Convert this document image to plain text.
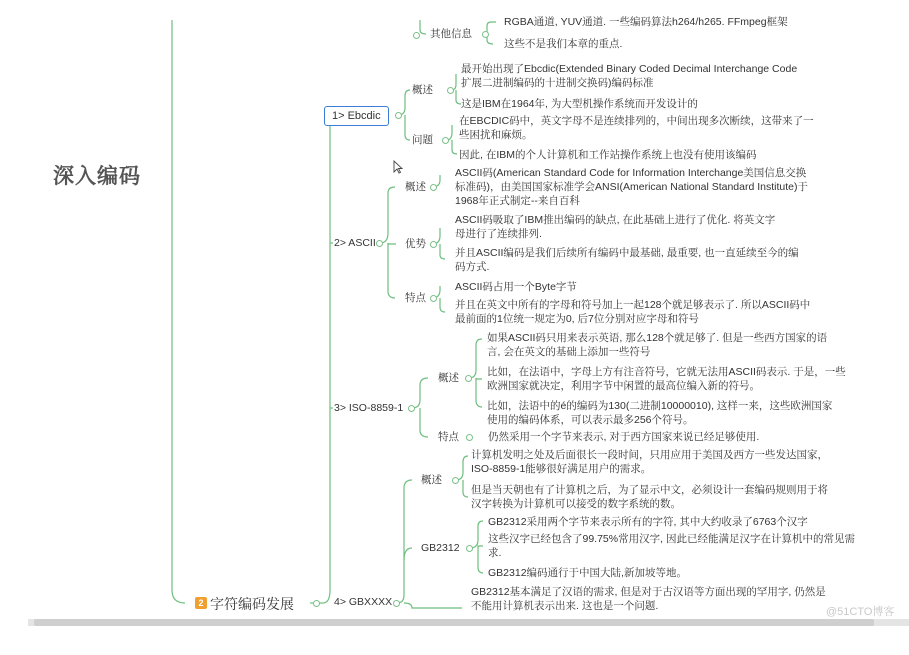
深入编码
2 字符编码发展
其他信息
RGBA通道, YUV通道. 一些编码算法h264/h265. FFmpeg框架
这些不是我们本章的重点.
1> Ebcdic
概述
最开始出现了Ebcdic(Extended Binary Coded Decimal Interchange Code扩展二进制编码的十进制交换码)编码标准
这是IBM在1964年, 为大型机操作系统而开发设计的
问题
在EBCDIC码中，英文字母不是连续排列的，中间出现多次断续，这带来了一些困扰和麻烦。
因此, 在IBM的个人计算机和工作站操作系统上也没有使用该编码
2> ASCII
概述
ASCII码(American Standard Code for Information Interchange美国信息交换标准码)，由美国国家标准学会ANSI(American National Standard Institute)于1968年正式制定--来自百科
优势
ASCII码吸取了IBM推出编码的缺点, 在此基础上进行了优化. 将英文字母进行了连续排列.
并且ASCII编码是我们后续所有编码中最基础, 最重要, 也一直延续至今的编码方式.
特点
ASCII码占用一个Byte字节
并且在英文中所有的字母和符号加上一起128个就足够表示了. 所以ASCII码中最前面的1位统一规定为0, 后7位分别对应字母和符号
3> ISO-8859-1
概述
如果ASCII码只用来表示英语, 那么128个就足够了. 但是一些西方国家的语言, 会在英文的基础上添加一些符号
比如，在法语中，字母上方有注音符号，它就无法用ASCII码表示. 于是，一些欧洲国家就决定，利用字节中闲置的最高位编入新的符号。
比如，法语中的é的编码为130(二进制10000010), 这样一来，这些欧洲国家使用的编码体系，可以表示最多256个符号。
特点	仍然采用一个字节来表示, 对于西方国家来说已经足够使用.
4> GBXXXX
概述
计算机发明之处及后面很长一段时间，只用应用于美国及西方一些发达国家，ISO-8859-1能够很好满足用户的需求。
但是当天朝也有了计算机之后，为了显示中文，必须设计一套编码规则用于将汉字转换为计算机可以接受的数字系统的数。
GB2312
GB2312采用两个字节来表示所有的字符, 其中大约收录了6763个汉字
这些汉字已经包含了99.75%常用汉字, 因此已经能满足汉字在计算机中的常见需求.
GB2312编码通行于中国大陆,新加坡等地。
GB2312基本满足了汉语的需求, 但是对于古汉语等方面出现的罕用字, 仍然是不能用计算机表示出来. 这也是一个问题.	@51CTO博客
